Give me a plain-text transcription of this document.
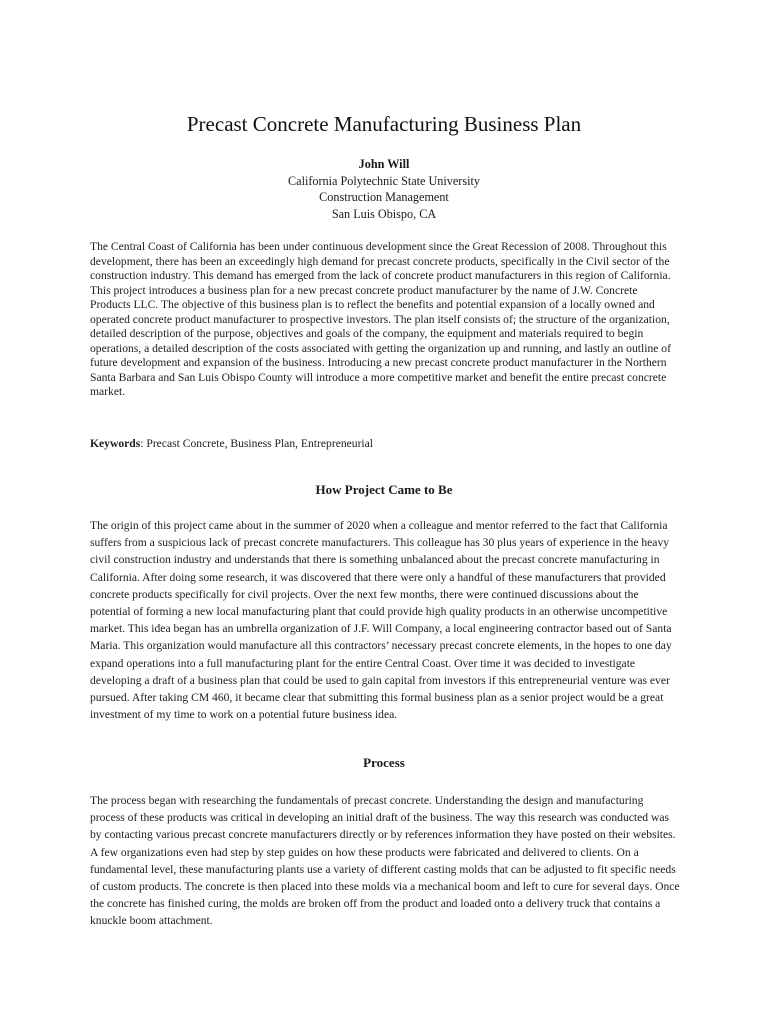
Precast Concrete Manufacturing Business Plan
John Will
California Polytechnic State University
Construction Management
San Luis Obispo, CA

The Central Coast of California has been under continuous development since the Great Recession of 2008. Throughout this development, there has been an exceedingly high demand for precast concrete products, specifically in the Civil sector of the construction industry. This demand has emerged from the lack of concrete product manufacturers in this region of California. This project introduces a business plan for a new precast concrete product manufacturer by the name of J.W. Concrete Products LLC. The objective of this business plan is to reflect the benefits and potential expansion of a locally owned and operated concrete product manufacturer to prospective investors. The plan itself consists of; the structure of the organization, detailed description of the purpose, objectives and goals of the company, the equipment and materials required to begin operations, a detailed description of the costs associated with getting the organization up and running, and lastly an outline of future development and expansion of the business. Introducing a new precast concrete product manufacturer in the Northern Santa Barbara and San Luis Obispo County will introduce a more competitive market and benefit the entire precast concrete market.

Keywords: Precast Concrete, Business Plan, Entrepreneurial

How Project Came to Be

The origin of this project came about in the summer of 2020 when a colleague and mentor referred to the fact that California suffers from a suspicious lack of precast concrete manufacturers. This colleague has 30 plus years of experience in the heavy civil construction industry and understands that there is something unbalanced about the precast concrete manufacturing in California. After doing some research, it was discovered that there were only a handful of these manufacturers that provided concrete products specifically for civil projects. Over the next few months, there were continued discussions about the potential of forming a new local manufacturing plant that could provide high quality products in an otherwise uncompetitive market. This idea began has an umbrella organization of J.F. Will Company, a local engineering contractor based out of Santa Maria. This organization would manufacture all this contractors’ necessary precast concrete elements, in the hopes to one day expand operations into a full manufacturing plant for the entire Central Coast. Over time it was decided to investigate developing a draft of a business plan that could be used to gain capital from investors if this entrepreneurial venture was ever pursued. After taking CM 460, it became clear that submitting this formal business plan as a senior project would be a great investment of my time to work on a potential future business idea.

Process

The process began with researching the fundamentals of precast concrete. Understanding the design and manufacturing process of these products was critical in developing an initial draft of the business. The way this research was conducted was by contacting various precast concrete manufacturers directly or by references information they have posted on their websites. A few organizations even had step by step guides on how these products were fabricated and delivered to clients. On a fundamental level, these manufacturing plants use a variety of different casting molds that can be adjusted to fit specific needs of custom products. The concrete is then placed into these molds via a mechanical boom and left to cure for several days. Once the concrete has finished curing, the molds are broken off from the product and loaded onto a delivery truck that contains a knuckle boom attachment.
